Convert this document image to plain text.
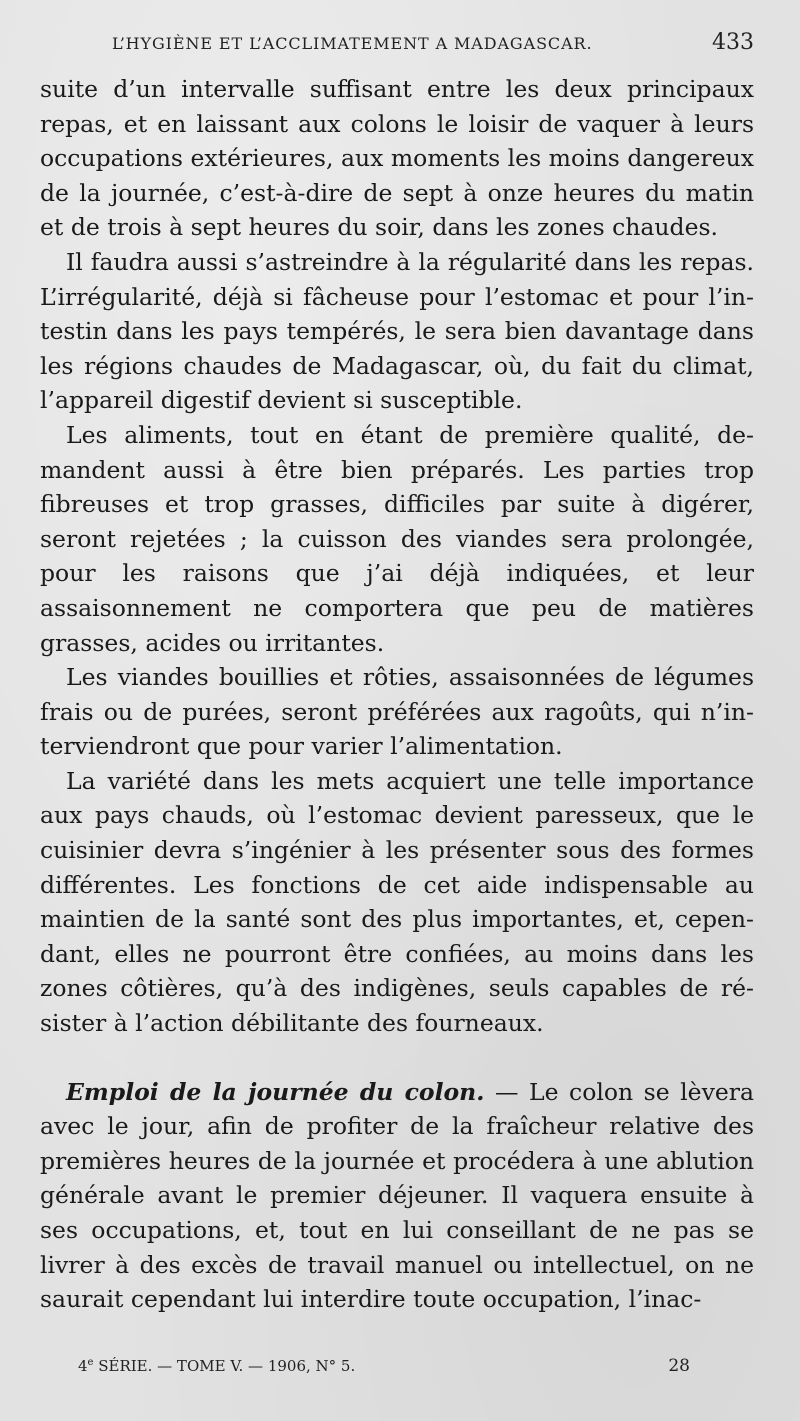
L’HYGIÈNE ET L’ACCLIMATEMENT A MADAGASCAR.	433

suite d’un intervalle suffisant entre les deux principaux repas, et en laissant aux colons le loisir de vaquer à leurs occupations extérieures, aux moments les moins dangereux de la journée, c’est-à-dire de sept à onze heures du matin et de trois à sept heures du soir, dans les zones chaudes.

Il faudra aussi s’astreindre à la régularité dans les repas. L’irrégularité, déjà si fâcheuse pour l’estomac et pour l’intestin dans les pays tempérés, le sera bien davantage dans les régions chaudes de Madagascar, où, du fait du climat, l’appareil digestif devient si susceptible.

Les aliments, tout en étant de première qualité, demandent aussi à être bien préparés. Les parties trop fibreuses et trop grasses, difficiles par suite à digérer, seront rejetées ; la cuisson des viandes sera prolongée, pour les raisons que j’ai déjà indiquées, et leur assaisonnement ne comportera que peu de matières grasses, acides ou irritantes.

Les viandes bouillies et rôties, assaisonnées de légumes frais ou de purées, seront préférées aux ragoûts, qui n’interviendront que pour varier l’alimentation.

La variété dans les mets acquiert une telle importance aux pays chauds, où l’estomac devient paresseux, que le cuisinier devra s’ingénier à les présenter sous des formes différentes. Les fonctions de cet aide indispensable au maintien de la santé sont des plus importantes, et, cependant, elles ne pourront être confiées, au moins dans les zones côtières, qu’à des indigènes, seuls capables de résister à l’action débilitante des fourneaux.

Emploi de la journée du colon. — Le colon se lèvera avec le jour, afin de profiter de la fraîcheur relative des premières heures de la journée et procédera à une ablution générale avant le premier déjeuner. Il vaquera ensuite à ses occupations, et, tout en lui conseillant de ne pas se livrer à des excès de travail manuel ou intellectuel, on ne saurait cependant lui interdire toute occupation, l’inac-

4e SÉRIE. — TOME V. — 1906, N° 5.	28
